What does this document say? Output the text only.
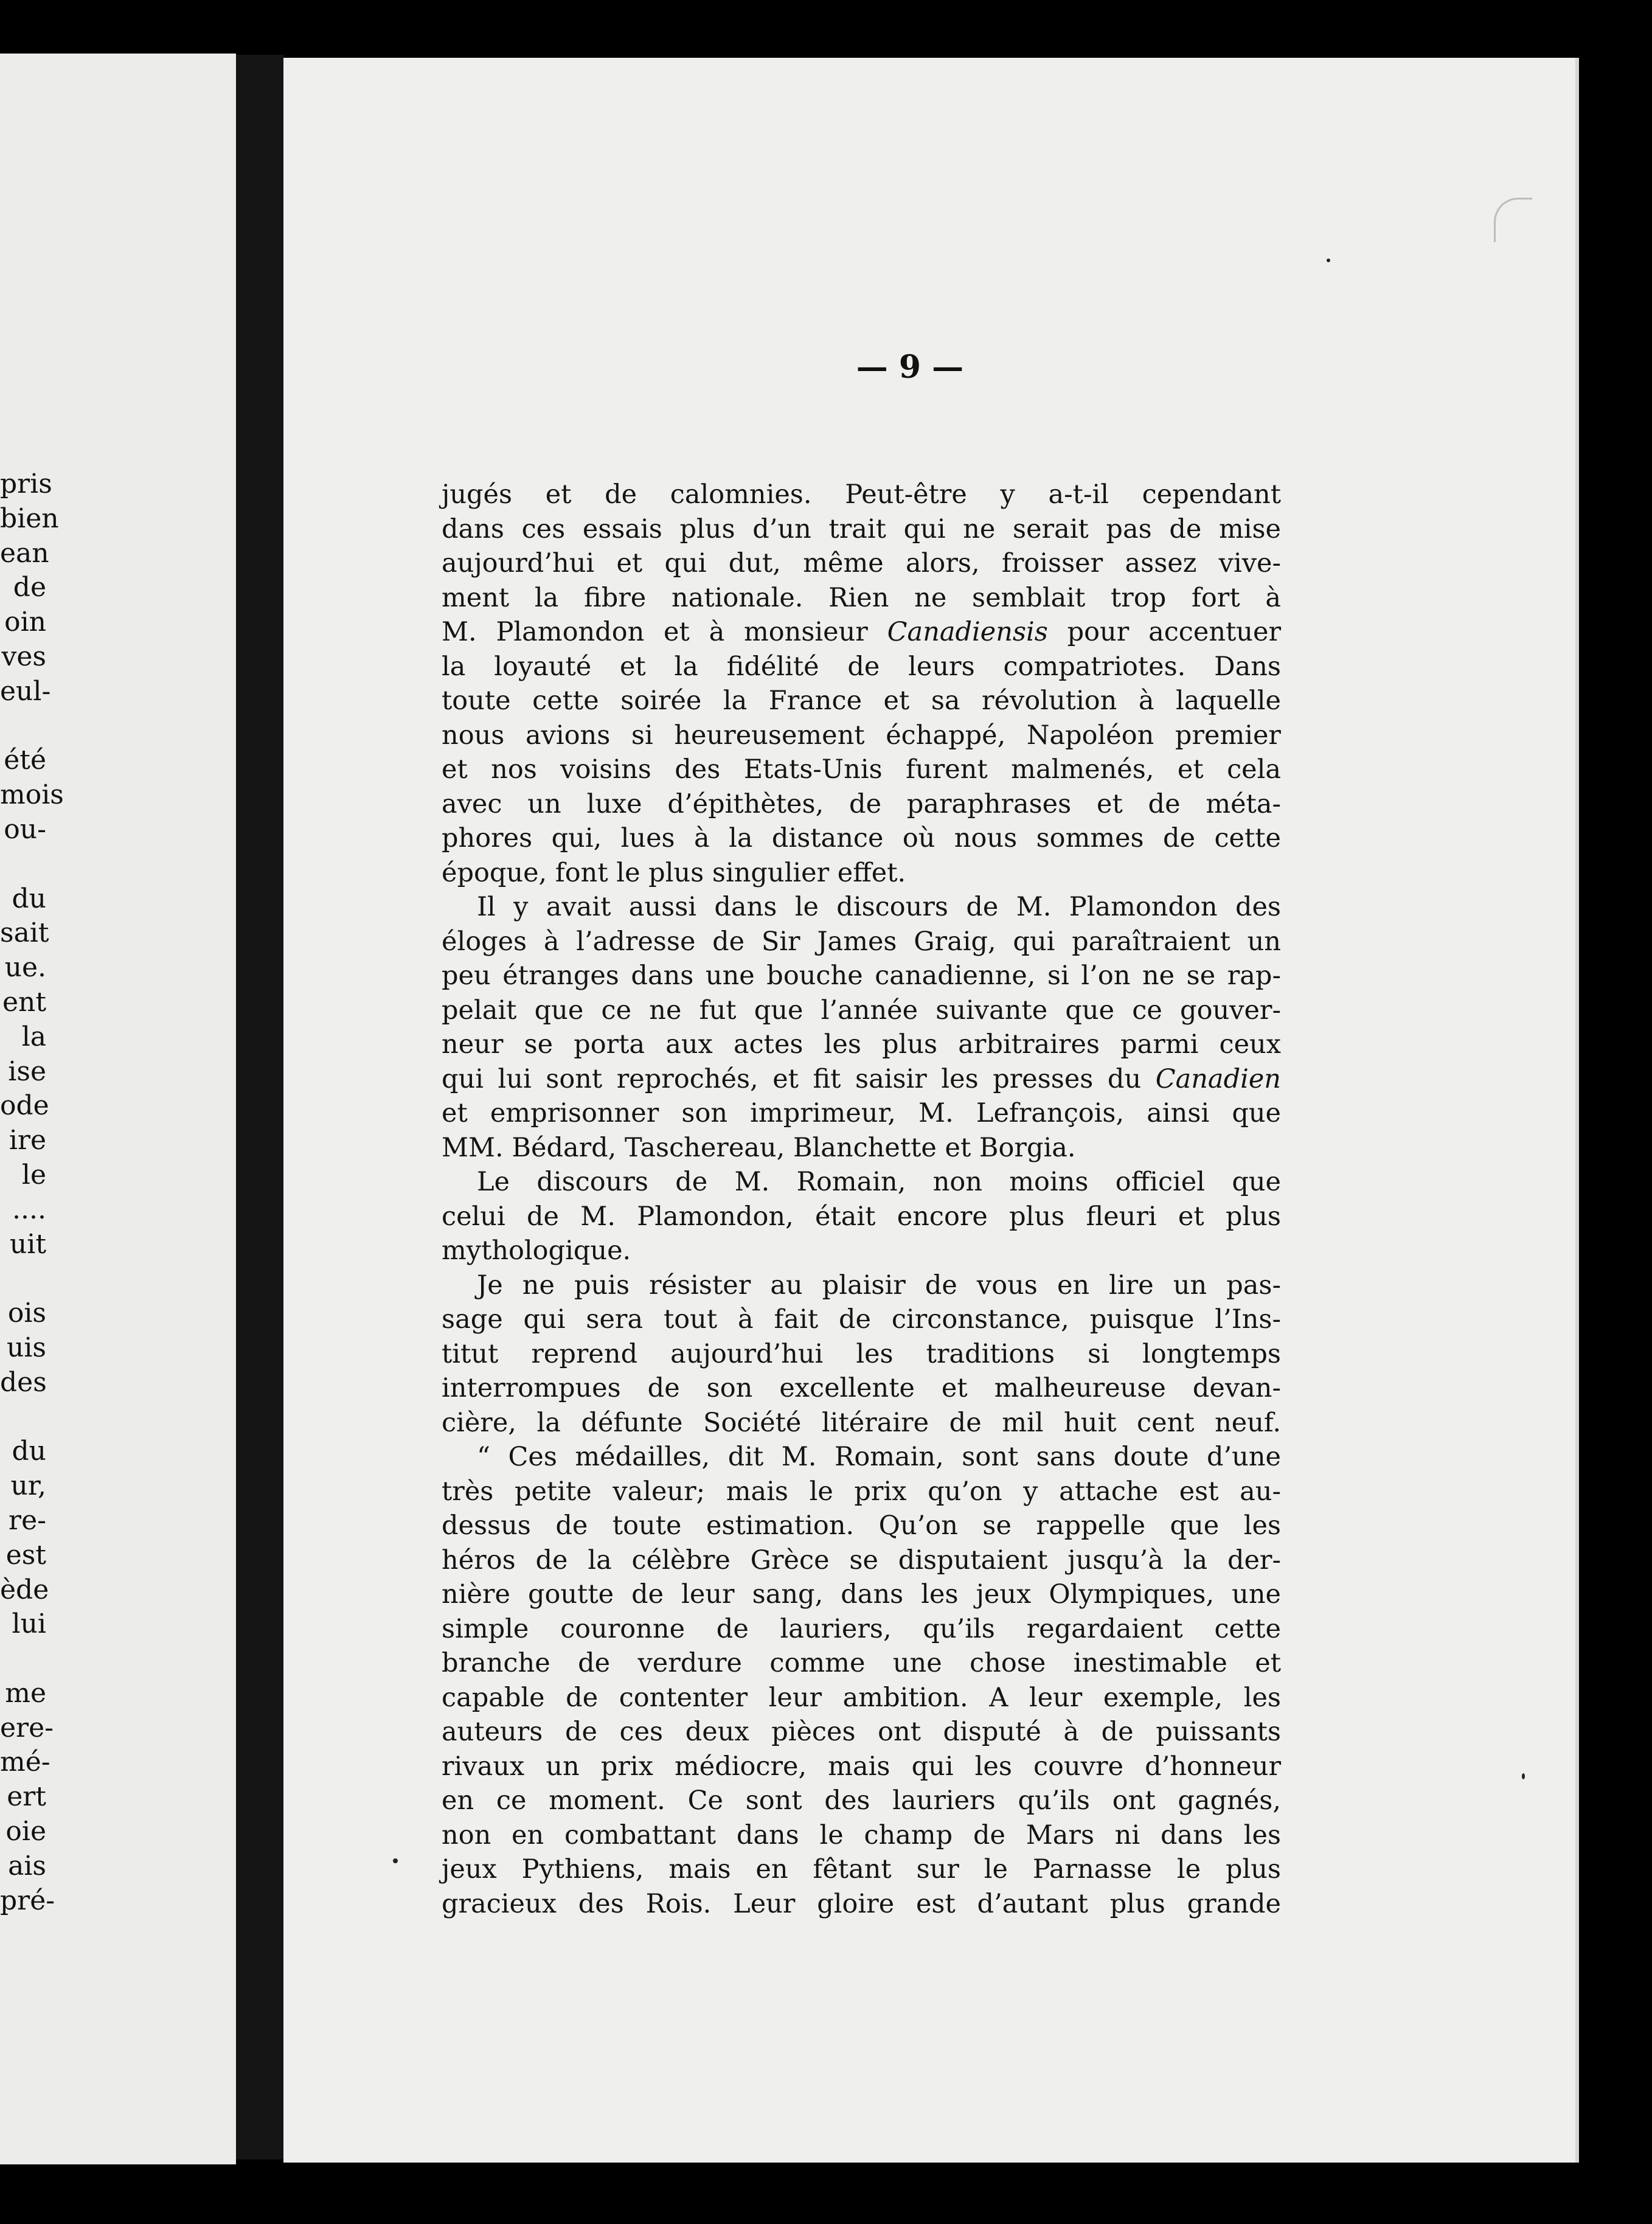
pris
bien
ean
de
oin
ves
eul-
été
mois
ou-
du
sait
ue.
ent
la
ise
ode
ire
le
....
uit
ois
uis
des
du
ur,
re-
est
ède
lui
me
ere-
mé-
ert
oie
ais
pré-
— 9 —
jugés et de calomnies. Peut-être y a-t-il cependant
dans ces essais plus d’un trait qui ne serait pas de mise
aujourd’hui et qui dut, même alors, froisser assez vive-
ment la fibre nationale. Rien ne semblait trop fort à
M. Plamondon et à monsieur Canadiensis pour accentuer
la loyauté et la fidélité de leurs compatriotes. Dans
toute cette soirée la France et sa révolution à laquelle
nous avions si heureusement échappé, Napoléon premier
et nos voisins des Etats-Unis furent malmenés, et cela
avec un luxe d’épithètes, de paraphrases et de méta-
phores qui, lues à la distance où nous sommes de cette
époque, font le plus singulier effet.
Il y avait aussi dans le discours de M. Plamondon des
éloges à l’adresse de Sir James Graig, qui paraîtraient un
peu étranges dans une bouche canadienne, si l’on ne se rap-
pelait que ce ne fut que l’année suivante que ce gouver-
neur se porta aux actes les plus arbitraires parmi ceux
qui lui sont reprochés, et fit saisir les presses du Canadien
et emprisonner son imprimeur, M. Lefrançois, ainsi que
MM. Bédard, Taschereau, Blanchette et Borgia.
Le discours de M. Romain, non moins officiel que
celui de M. Plamondon, était encore plus fleuri et plus
mythologique.
Je ne puis résister au plaisir de vous en lire un pas-
sage qui sera tout à fait de circonstance, puisque l’Ins-
titut reprend aujourd’hui les traditions si longtemps
interrompues de son excellente et malheureuse devan-
cière, la défunte Société litéraire de mil huit cent neuf.
“ Ces médailles, dit M. Romain, sont sans doute d’une
très petite valeur; mais le prix qu’on y attache est au-
dessus de toute estimation. Qu’on se rappelle que les
héros de la célèbre Grèce se disputaient jusqu’à la der-
nière goutte de leur sang, dans les jeux Olympiques, une
simple couronne de lauriers, qu’ils regardaient cette
branche de verdure comme une chose inestimable et
capable de contenter leur ambition. A leur exemple, les
auteurs de ces deux pièces ont disputé à de puissants
rivaux un prix médiocre, mais qui les couvre d’honneur
en ce moment. Ce sont des lauriers qu’ils ont gagnés,
non en combattant dans le champ de Mars ni dans les
jeux Pythiens, mais en fêtant sur le Parnasse le plus
gracieux des Rois. Leur gloire est d’autant plus grande
